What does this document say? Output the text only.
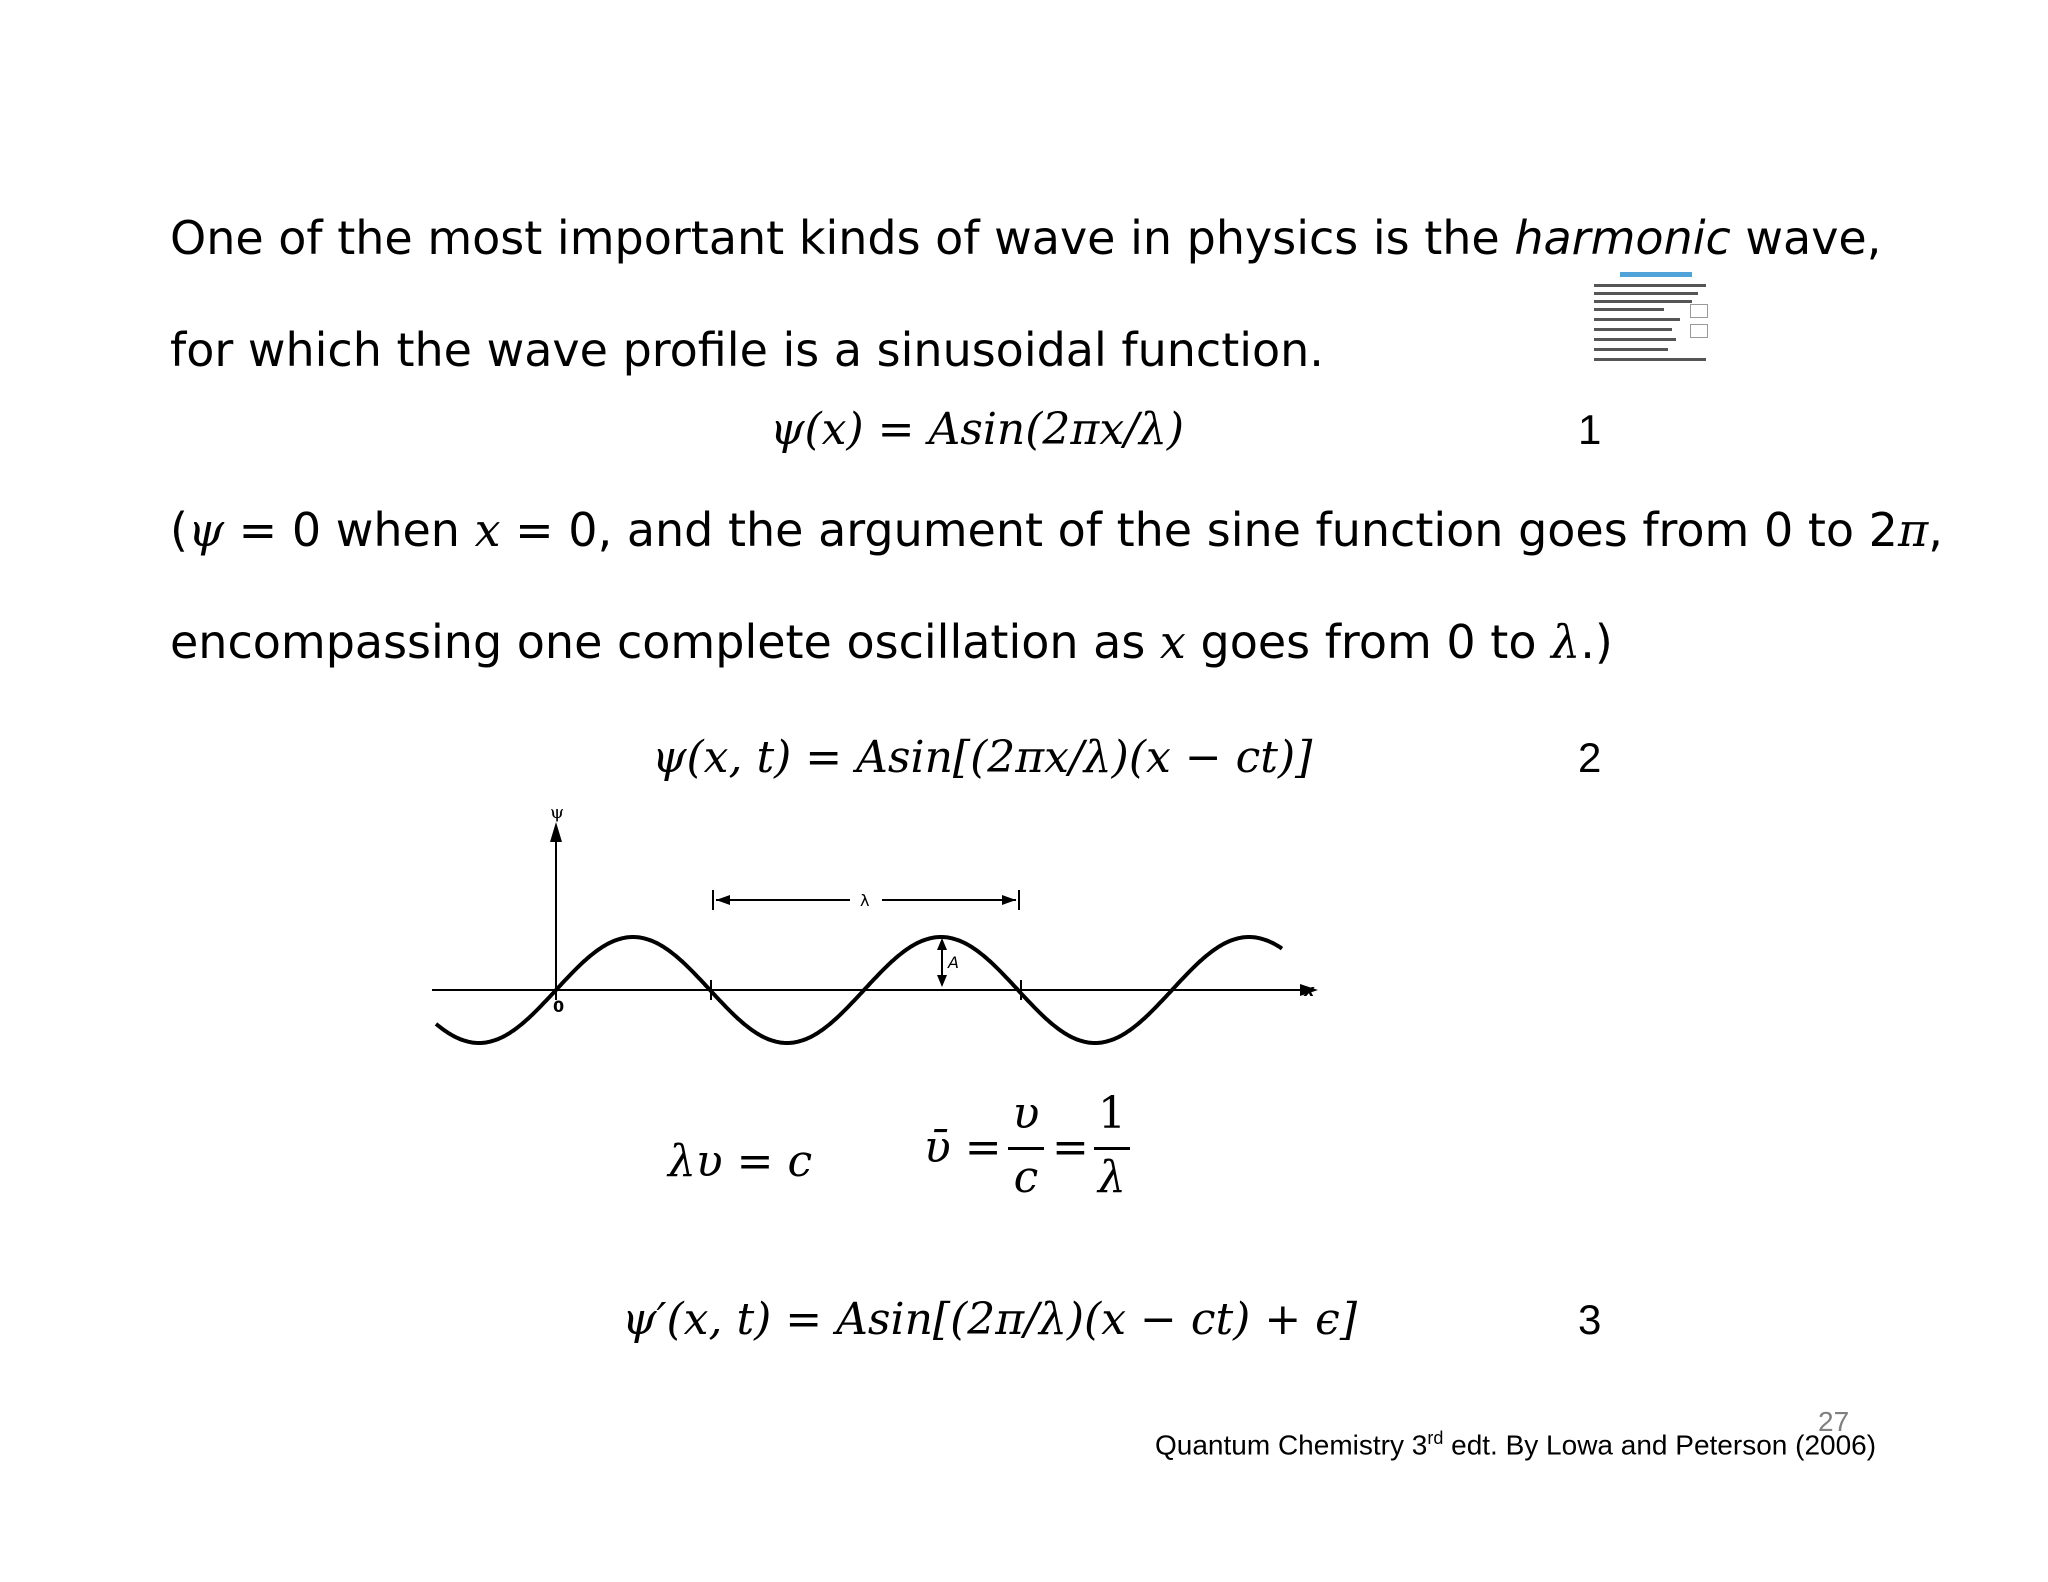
One of the most important kinds of wave in physics is the harmonic wave,
for which the wave profile is a sinusoidal function.
ψ(x) = Asin(2πx/λ)	1
(ψ = 0 when x = 0, and the argument of the sine function goes from 0 to 2π,
encompassing one complete oscillation as x goes from 0 to λ.)
ψ(x, t) = Asin[(2πx/λ)(x − ct)]	2
ψ
x
0
λ
A
λυ = c	ῡ =
υ
c
=
1
λ
ψ′(x, t) = Asin[(2π/λ)(x − ct) + ϵ]	3
27
Quantum Chemistry 3rd edt. By Lowa and Peterson (2006)
